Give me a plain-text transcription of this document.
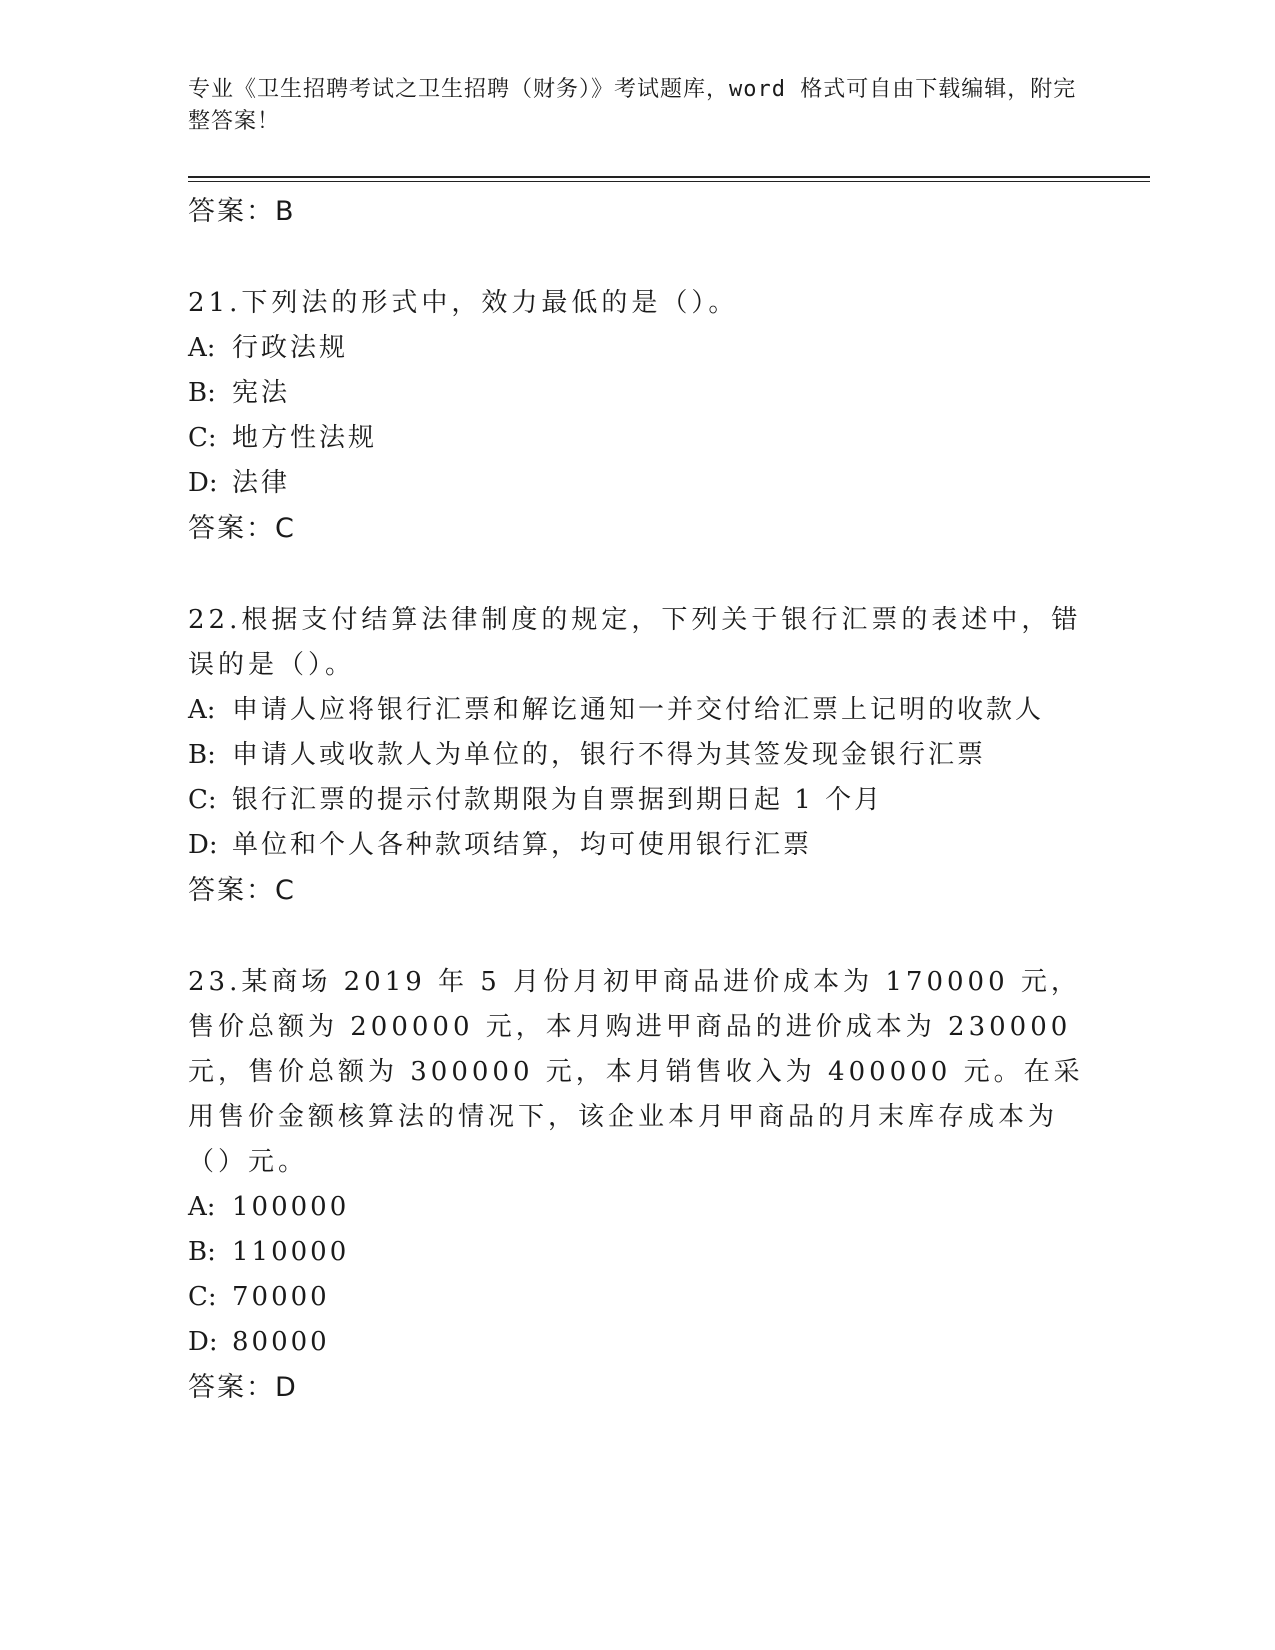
专业《卫生招聘考试之卫生招聘（财务）》考试题库，word 格式可自由下载编辑，附完整答案！
答案：B
21.下列法的形式中，效力最低的是（）。
A: 行政法规
B: 宪法
C: 地方性法规
D: 法律
答案：C
22.根据支付结算法律制度的规定，下列关于银行汇票的表述中，错误的是（）。
A: 申请人应将银行汇票和解讫通知一并交付给汇票上记明的收款人
B: 申请人或收款人为单位的，银行不得为其签发现金银行汇票
C: 银行汇票的提示付款期限为自票据到期日起 1 个月
D: 单位和个人各种款项结算，均可使用银行汇票
答案：C
23.某商场 2019 年 5 月份月初甲商品进价成本为 170000 元，售价总额为 200000 元，本月购进甲商品的进价成本为 230000 元，售价总额为 300000 元，本月销售收入为 400000 元。在采用售价金额核算法的情况下，该企业本月甲商品的月末库存成本为（）元。
A: 100000
B: 110000
C: 70000
D: 80000
答案：D
